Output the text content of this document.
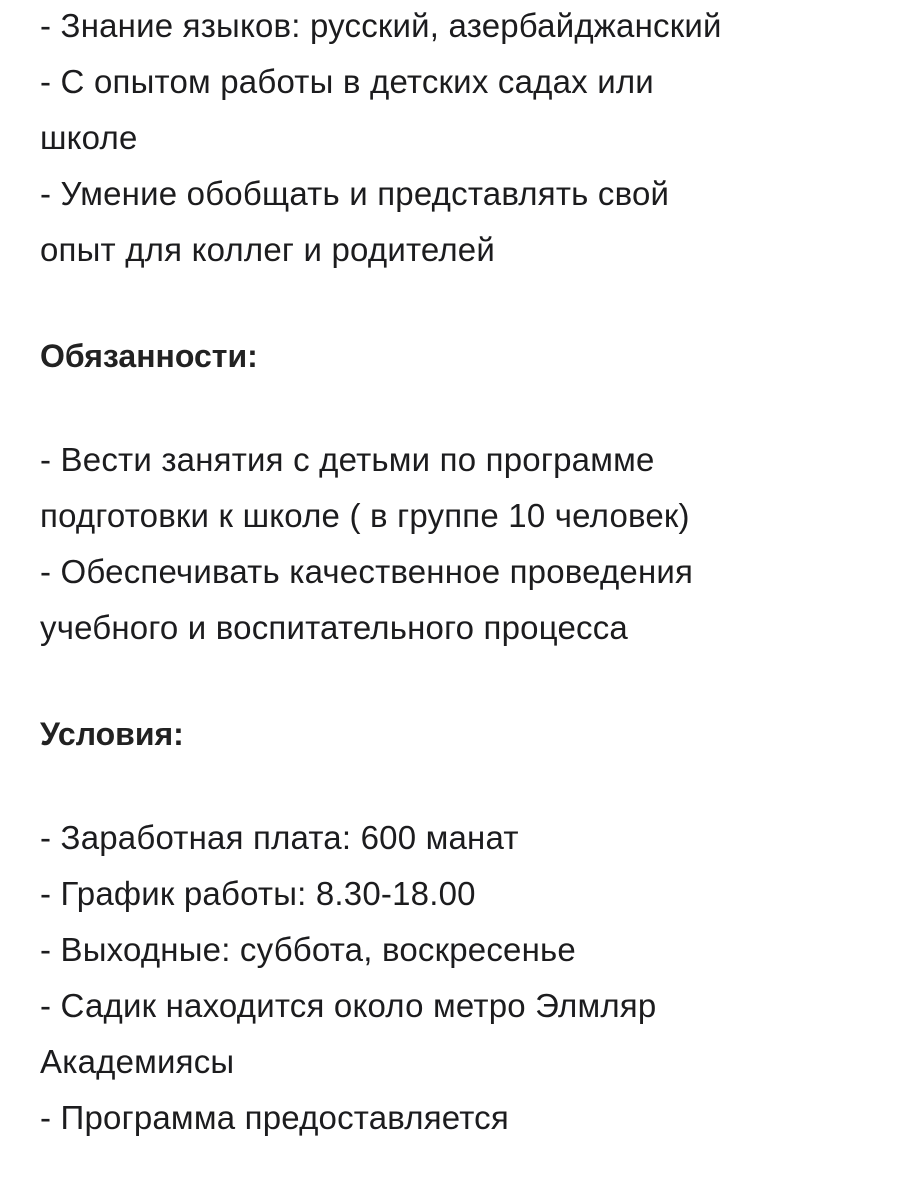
- Знание языков: русский, азербайджанский
- С опытом работы в детских садах или
школе
- Умение обобщать и представлять свой
опыт для коллег и родителей
Обязанности:
- Вести занятия с детьми по программе
подготовки к школе ( в группе 10 человек)
- Обеспечивать качественное проведения
учебного и воспитательного процесса
Условия:
- Заработная плата: 600 манат
- График работы: 8.30-18.00
- Выходные: суббота, воскресенье
- Садик находится около метро Элмляр
Академиясы
- Программа предоставляется
